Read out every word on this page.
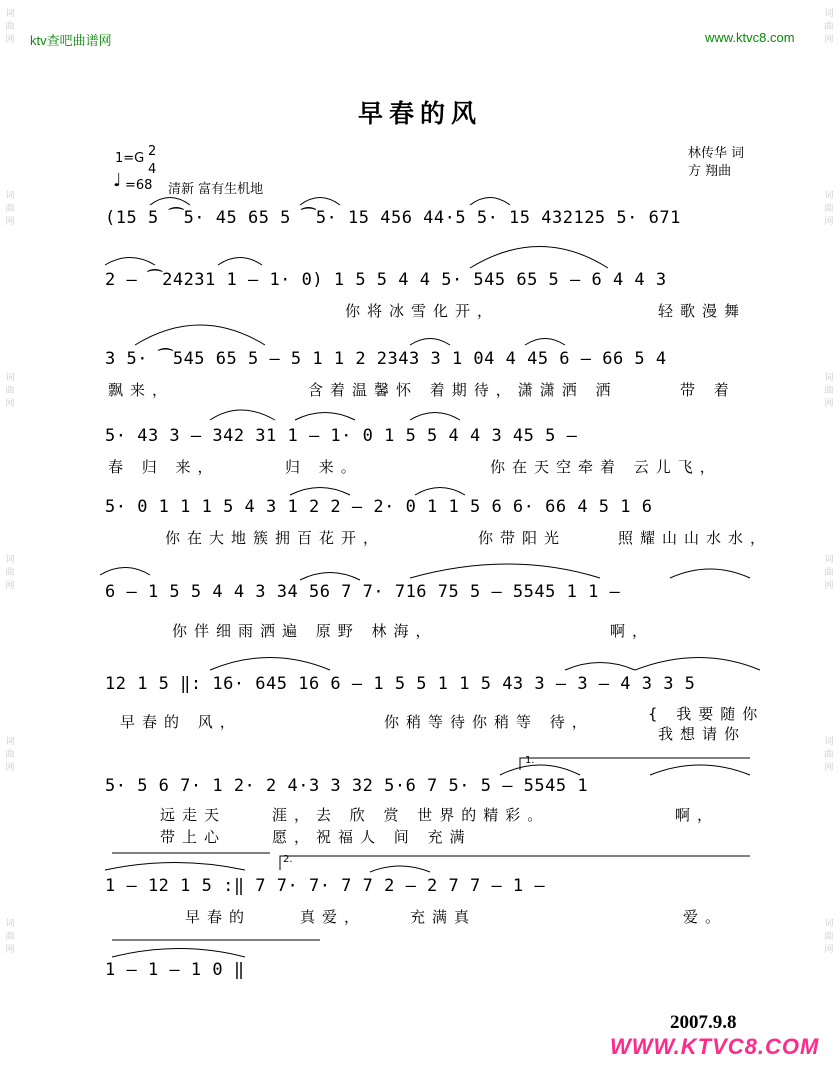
词曲网
词曲网
词曲网
词曲网
词曲网
词曲网
词曲网
词曲网
词曲网
词曲网
词曲网
词曲网
ktv查吧曲谱网	www.ktvc8.com
早春的风
1=G 2
4
♩ =68 清新 富有生机地
林传华 词
方 翔曲
(15 5 ⁀5· 45 65 5 ⁀5· 15 456 44·5 5· 15 432125 5· 671
2 – ⁀24231 1 – 1· 0) 1 5 5 4 4 5· 545 65 5 – 6 4 4 3
你将冰雪化开，	轻歌漫舞
3 5· ⁀545 65 5 – 5 1 1 2 2343 3 1 04 4 45 6 – 66 5 4
飘来，	含着温馨怀 着期待，潇潇洒 洒	带 着
5· 43 3 – 342 31 1 – 1· 0 1 5 5 4 4 3 45 5 –
春 归 来，	归 来。	你在天空牵着 云儿飞，
5· 0 1 1 1 5 4 3 1 2 2 – 2· 0 1 1 5 6 6· 66 4 5 1 6
你在大地簇拥百花开，	你带阳光	照耀山山水水，
6 – 1 5 5 4 4 3 34 56 7 7· 716 75 5 – 5545 1 1 –
你伴细雨洒遍 原野 林海，	啊，
12 1 5 ‖: 16· 645 16 6 – 1 5 5 1 1 5 43 3 – 3 – 4 3 3 5
早春的 风，	你稍等待你稍等 待，	{ 我要随你
我想请你
5· 5 6 7· 1 2· 2 4·3 3 32 5·6 7 5· 5 – 5545 1
远走天	涯，去 欣 赏 世界的精彩。	啊，
带上心	愿，祝福人 间 充满
1 – 12 1 5 :‖ 7 7· 7· 7 7 2 – 2 7 7 – 1 –
早春的	真爱，	充满真	爱。
1 – 1 – 1 0 ‖
1.
2.
2007.9.8
WWW.KTVC8.COM
